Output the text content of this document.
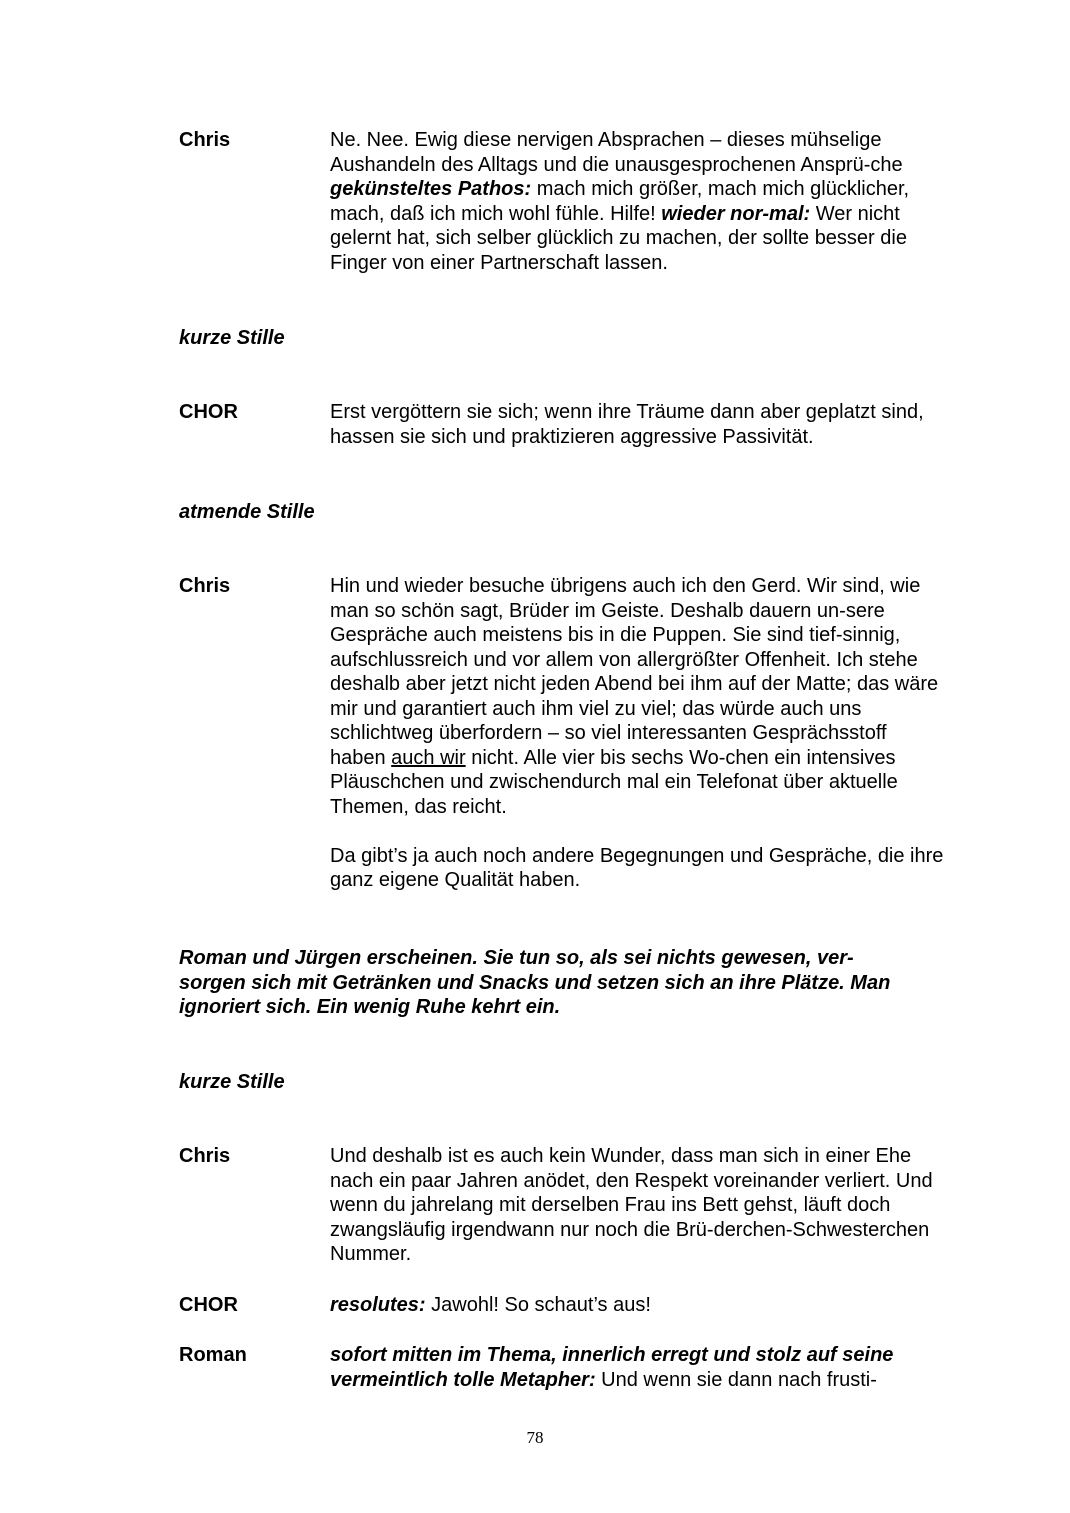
Chris	Ne. Nee. Ewig diese nervigen Absprachen – dieses mühselige Aushandeln des Alltags und die unausgesprochenen Ansprü-che gekünsteltes Pathos: mach mich größer, mach mich glücklicher, mach, daß ich mich wohl fühle. Hilfe! wieder nor-mal: Wer nicht gelernt hat, sich selber glücklich zu machen, der sollte besser die Finger von einer Partnerschaft lassen.

kurze Stille
CHOR	Erst vergöttern sie sich; wenn ihre Träume dann aber geplatzt sind, hassen sie sich und praktizieren aggressive Passivität.

atmende Stille
Chris	Hin und wieder besuche übrigens auch ich den Gerd. Wir sind, wie man so schön sagt, Brüder im Geiste. Deshalb dauern un-sere Gespräche auch meistens bis in die Puppen. Sie sind tief-sinnig, aufschlussreich und vor allem von allergrößter Offenheit. Ich stehe deshalb aber jetzt nicht jeden Abend bei ihm auf der Matte; das wäre mir und garantiert auch ihm viel zu viel; das würde auch uns schlichtweg überfordern – so viel interessanten Gesprächsstoff haben auch wir nicht. Alle vier bis sechs Wo-chen ein intensives Pläuschchen und zwischendurch mal ein Telefonat über aktuelle Themen, das reicht.

Da gibt’s ja auch noch andere Begegnungen und Gespräche, die ihre ganz eigene Qualität haben.

Roman und Jürgen erscheinen. Sie tun so, als sei nichts gewesen, ver-sorgen sich mit Getränken und Snacks und setzen sich an ihre Plätze. Man ignoriert sich. Ein wenig Ruhe kehrt ein.
kurze Stille
Chris	Und deshalb ist es auch kein Wunder, dass man sich in einer Ehe nach ein paar Jahren anödet, den Respekt voreinander verliert. Und wenn du jahrelang mit derselben Frau ins Bett gehst, läuft doch zwangsläufig irgendwann nur noch die Brü-derchen-Schwesterchen Nummer.

CHOR	resolutes: Jawohl! So schaut’s aus!

Roman	sofort mitten im Thema, innerlich erregt und stolz auf seine vermeintlich tolle Metapher: Und wenn sie dann nach frusti-

78
